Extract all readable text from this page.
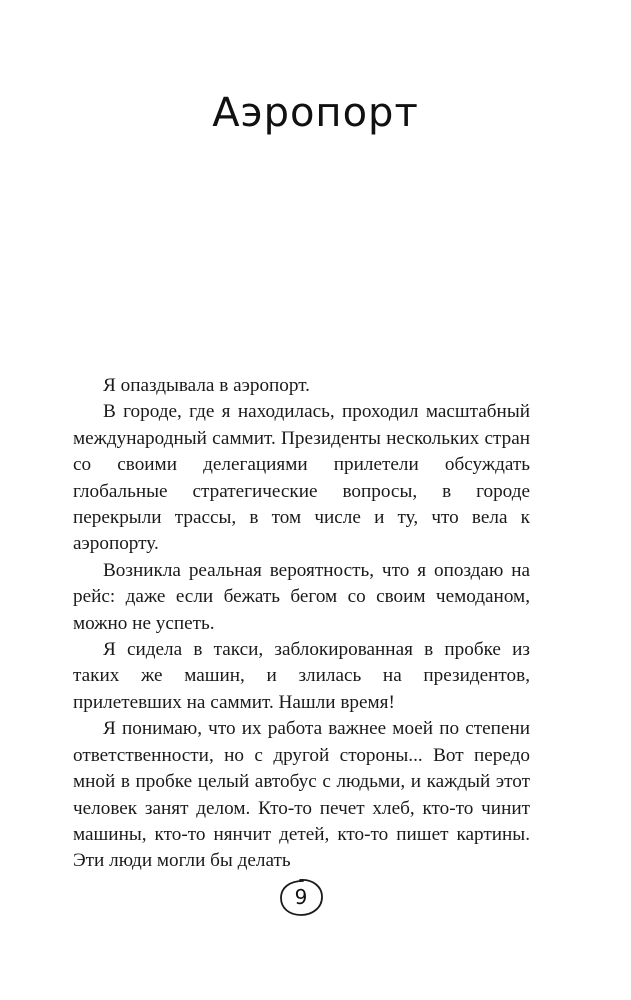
Аэропорт

Я опаздывала в аэропорт.

В городе, где я находилась, проходил масштабный международный саммит. Президенты нескольких стран со своими делегациями прилетели обсуждать глобальные стратегические вопросы, в городе перекрыли трассы, в том числе и ту, что вела к аэропорту.

Возникла реальная вероятность, что я опоздаю на рейс: даже если бежать бегом со своим чемоданом, можно не успеть.

Я сидела в такси, заблокированная в пробке из таких же машин, и злилась на президентов, прилетевших на саммит. Нашли время!

Я понимаю, что их работа важнее моей по степени ответственности, но с другой стороны... Вот передо мной в пробке целый автобус с людьми, и каждый этот человек занят делом. Кто-то печет хлеб, кто-то чинит машины, кто-то нянчит детей, кто-то пишет картины. Эти люди могли бы делать

9
